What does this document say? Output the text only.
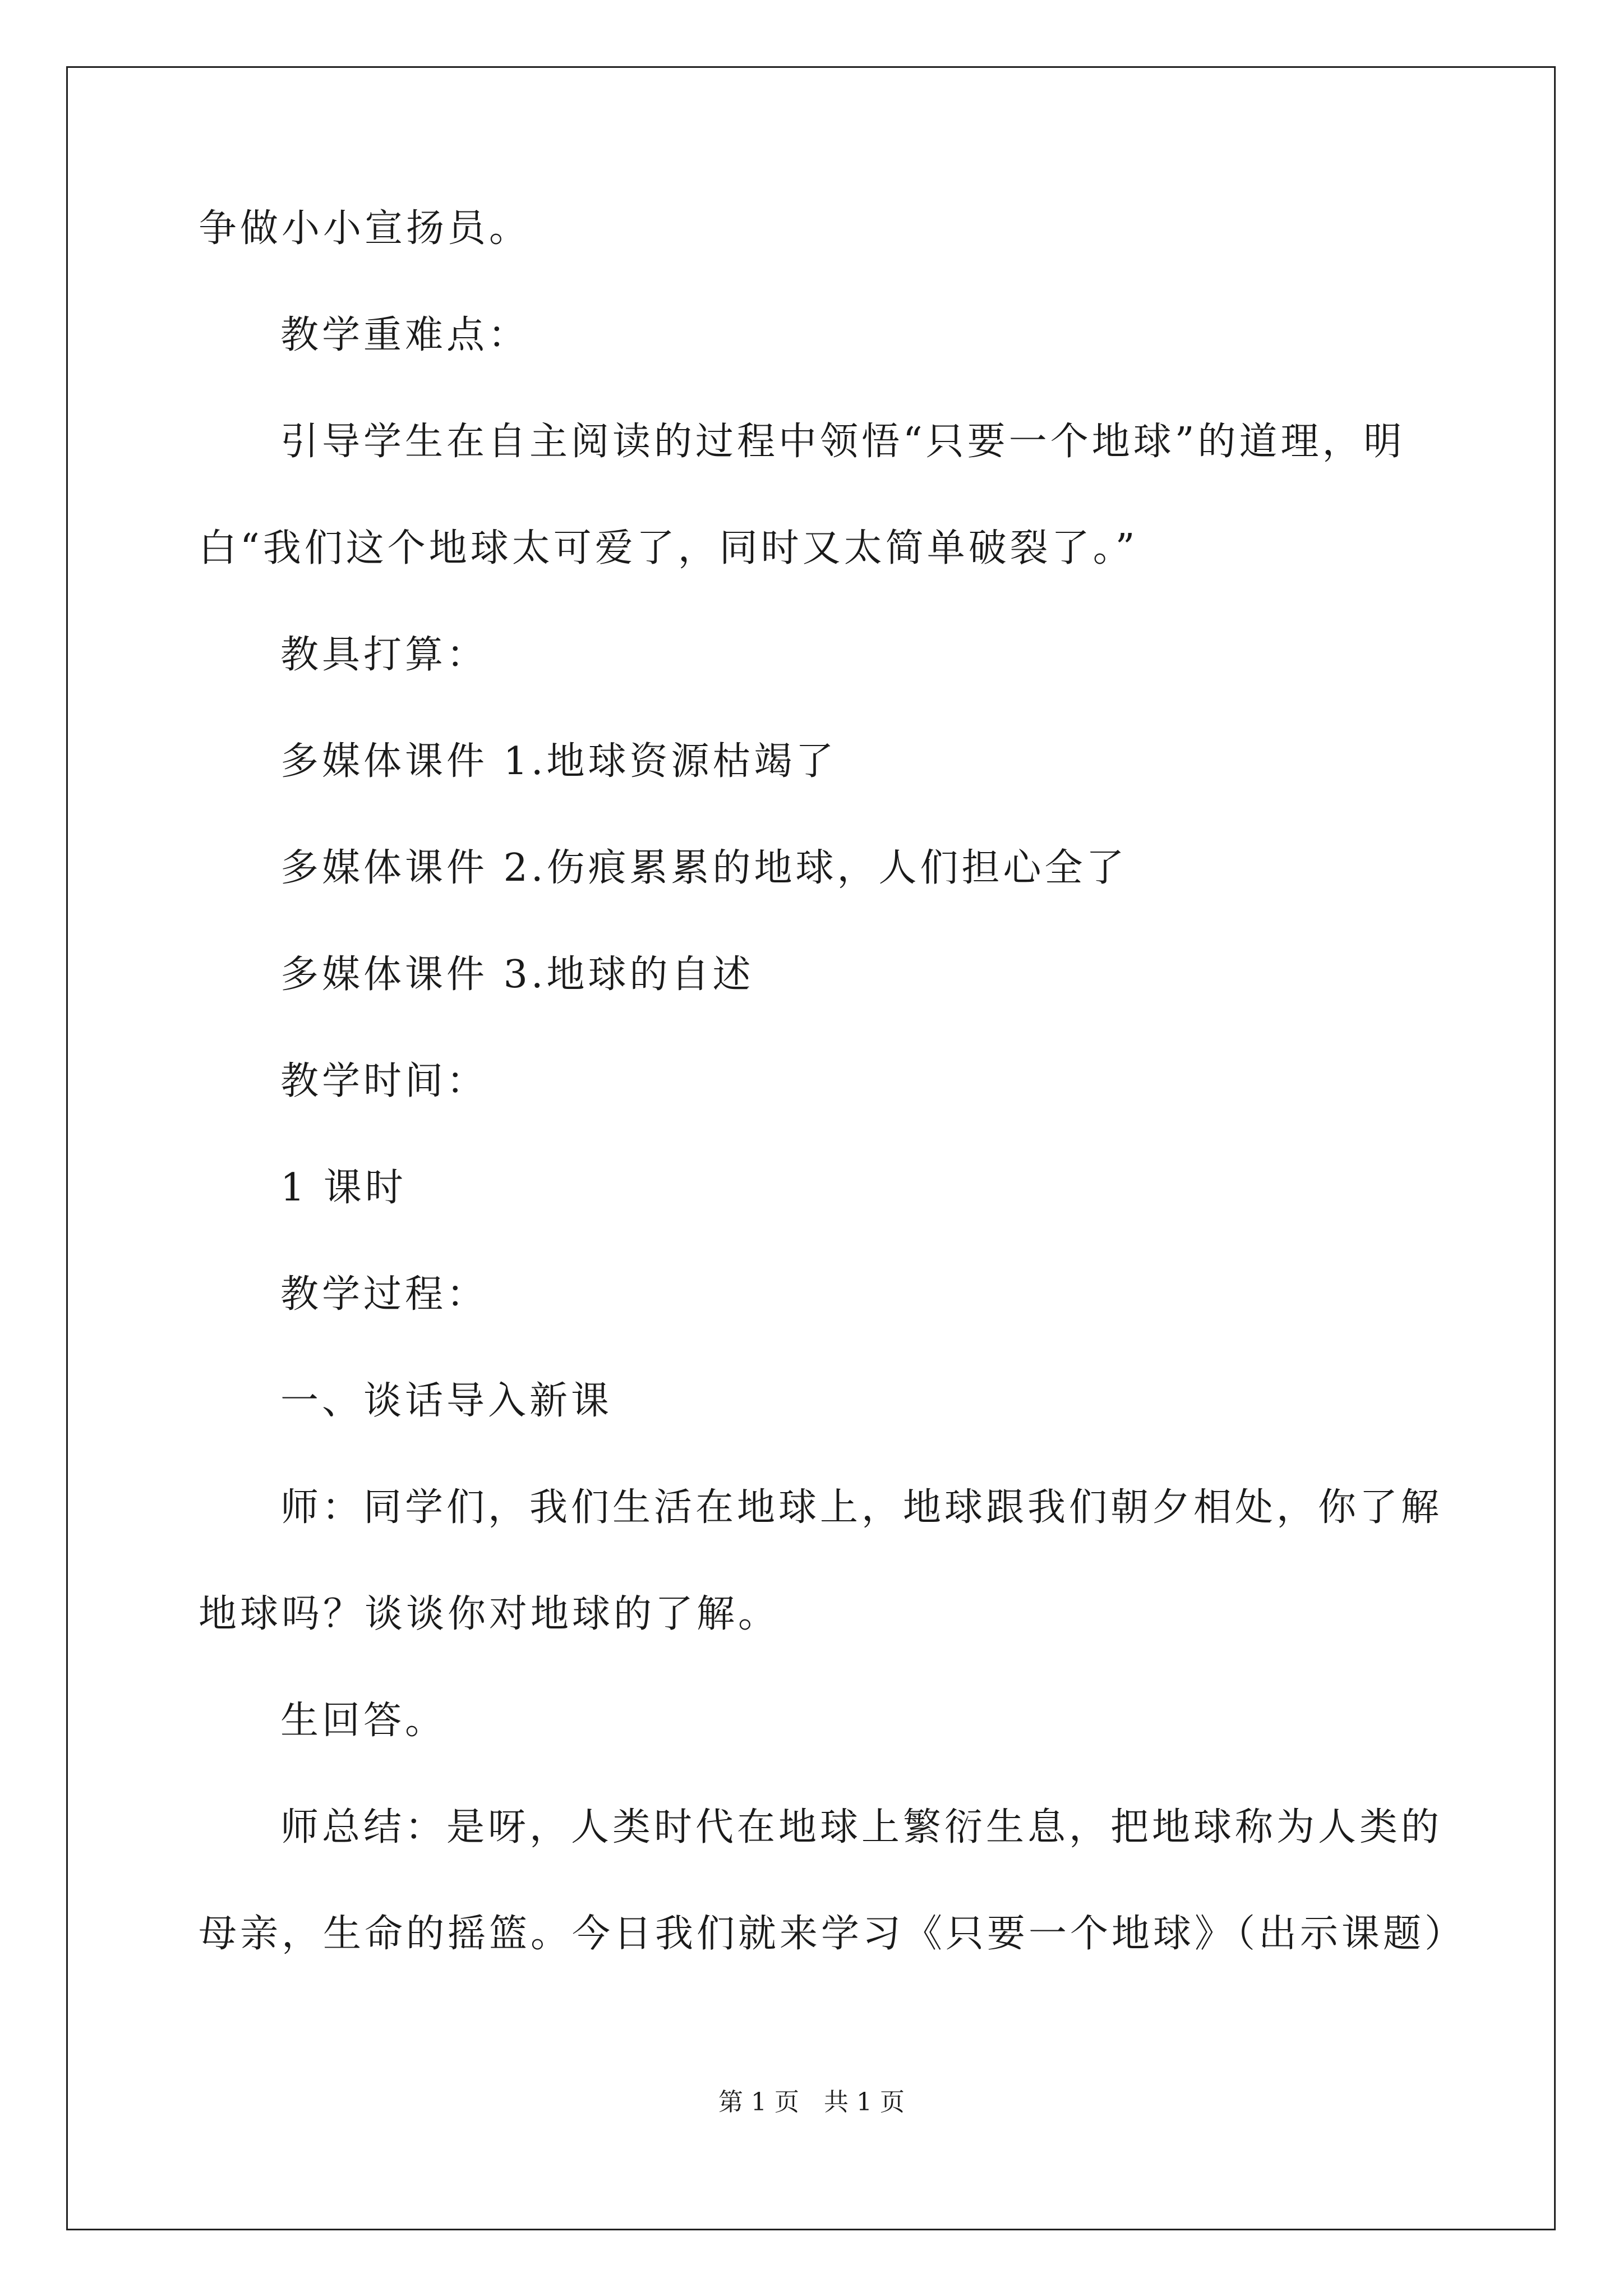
争做小小宣扬员。
教学重难点：
引导学生在自主阅读的过程中领悟“只要一个地球”的道理，明
白“我们这个地球太可爱了，同时又太简单破裂了。”
教具打算：
多媒体课件 1.地球资源枯竭了
多媒体课件 2.伤痕累累的地球，人们担心全了
多媒体课件 3.地球的自述
教学时间：
1 课时
教学过程：
一、谈话导入新课
师：同学们，我们生活在地球上，地球跟我们朝夕相处，你了解
地球吗？谈谈你对地球的了解。
生回答。
师总结：是呀，人类时代在地球上繁衍生息，把地球称为人类的
母亲，生命的摇篮。今日我们就来学习《只要一个地球》（出示课题）
第 1 页　共 1 页
